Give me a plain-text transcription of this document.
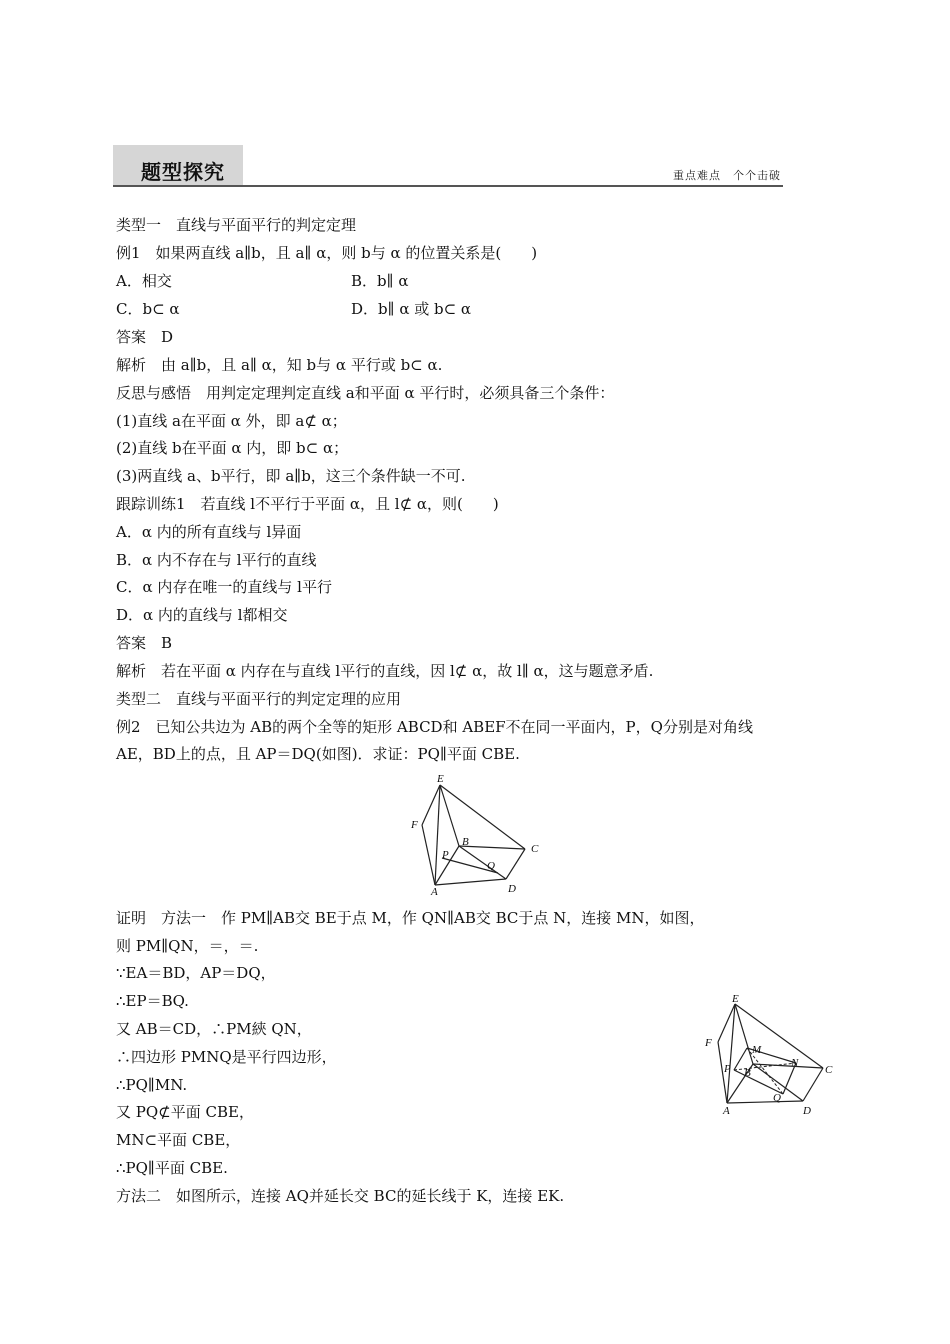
题型探究	重点难点　个个击破
类型一　直线与平面平行的判定定理
例1　如果两直线 a∥b，且 a∥ α，则 b与 α 的位置关系是(　　)
A．相交	B．b∥ α
C．b⊂ α	D．b∥ α 或 b⊂ α
答案　D
解析　由 a∥b，且 a∥ α，知 b与 α 平行或 b⊂ α.
反思与感悟　用判定定理判定直线 a和平面 α 平行时，必须具备三个条件：
(1)直线 a在平面 α 外，即 a⊄ α；
(2)直线 b在平面 α 内，即 b⊂ α；
(3)两直线 a、b平行，即 a∥b，这三个条件缺一不可.
跟踪训练1　若直线 l不平行于平面 α，且 l⊄ α，则(　　)
A．α 内的所有直线与 l异面
B．α 内不存在与 l平行的直线
C．α 内存在唯一的直线与 l平行
D．α 内的直线与 l都相交
答案　B
解析　若在平面 α 内存在与直线 l平行的直线，因 l⊄ α，故 l∥ α，这与题意矛盾.
类型二　直线与平面平行的判定定理的应用
例2　已知公共边为 AB的两个全等的矩形 ABCD和 ABEF不在同一平面内，P，Q分别是对角线
AE，BD上的点，且 AP＝DQ(如图)．求证：PQ∥平面 CBE.
E
F
B
C
P
Q
A	D
证明　方法一　作 PM∥AB交 BE于点 M，作 QN∥AB交 BC于点 N，连接 MN，如图，
则 PM∥QN，＝，＝.
∵EA＝BD，AP＝DQ，
∴EP＝BQ.
又 AB＝CD，∴PM綊 QN，
∴四边形 PMNQ是平行四边形，
∴PQ∥MN.
又 PQ⊄平面 CBE，
MN⊂平面 CBE，
∴PQ∥平面 CBE.
方法二　如图所示，连接 AQ并延长交 BC的延长线于 K，连接 EK.
E
F
M
N
C
B
P
Q
A	D
